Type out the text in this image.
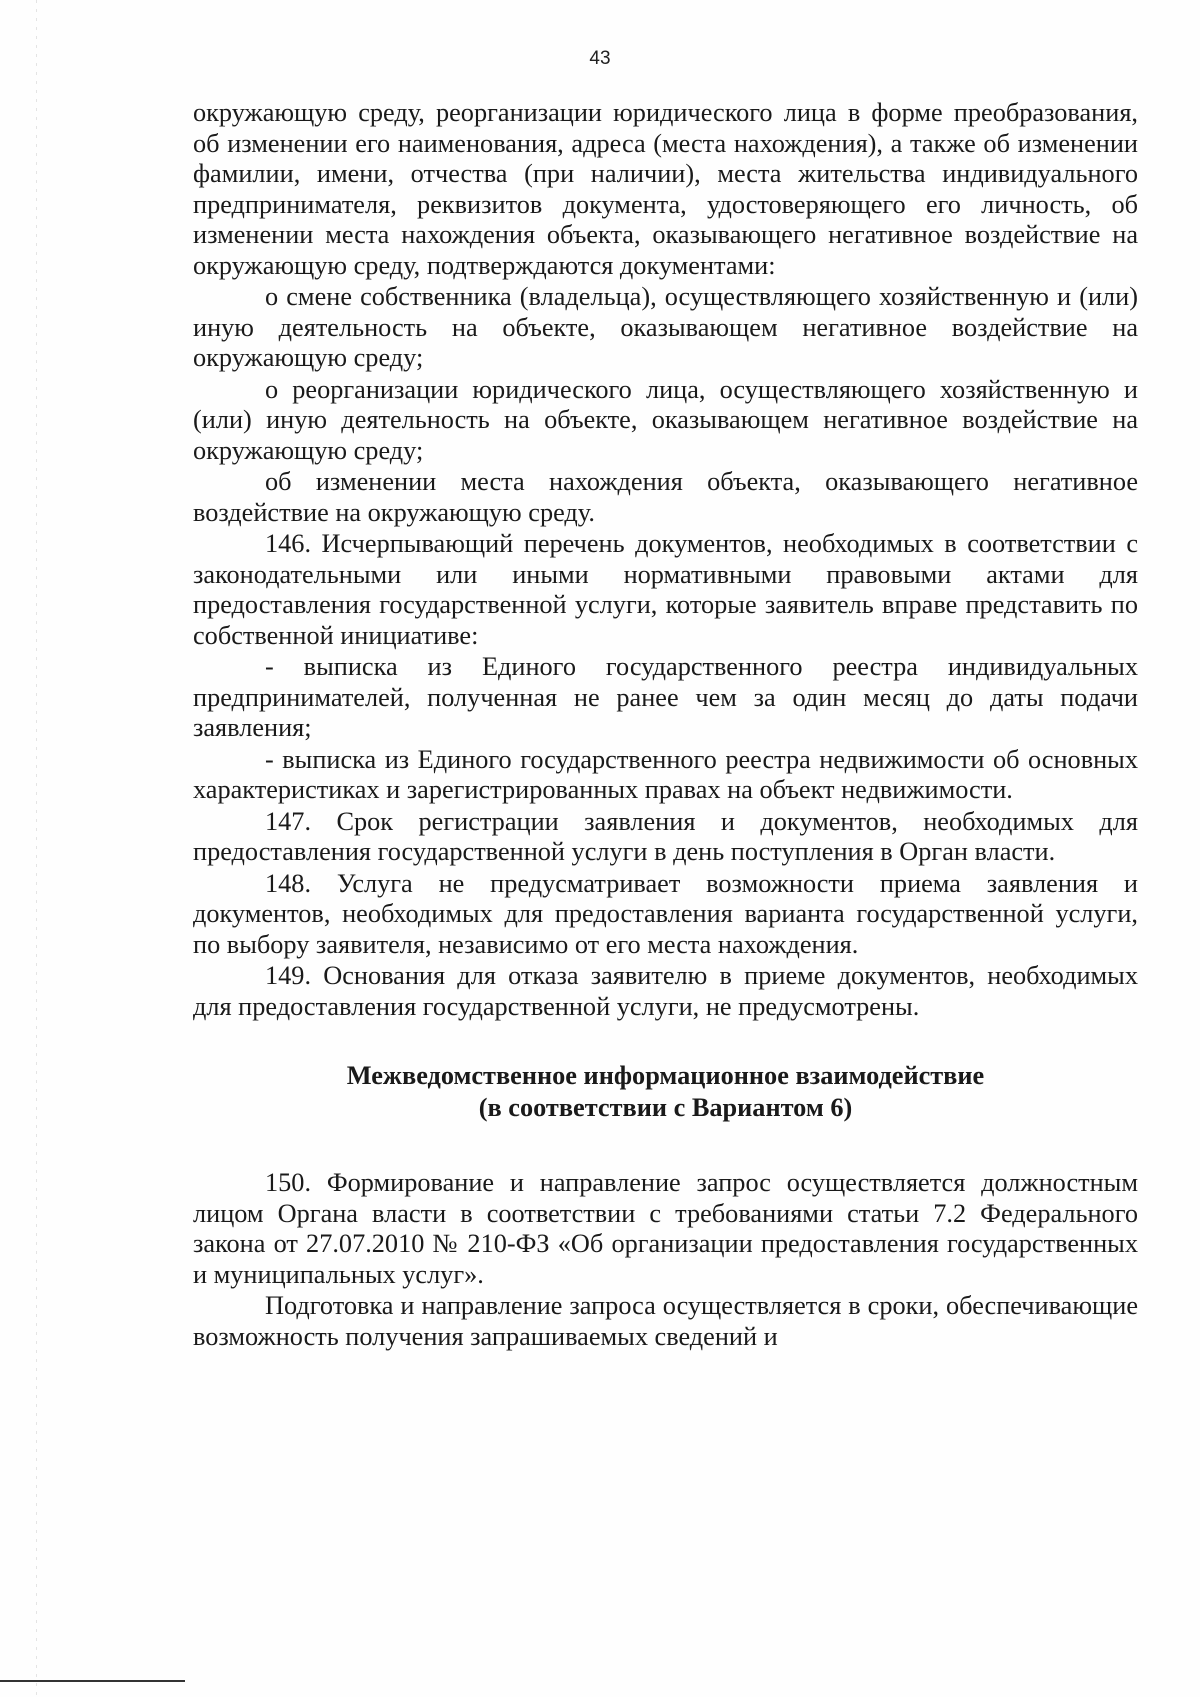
43

окружающую среду, реорганизации юридического лица в форме преобразования, об изменении его наименования, адреса (места нахождения), а также об изменении фамилии, имени, отчества (при наличии), места жительства индивидуального предпринимателя, реквизитов документа, удостоверяющего его личность, об изменении места нахождения объекта, оказывающего негативное воздействие на окружающую среду, подтверждаются документами:

о смене собственника (владельца), осуществляющего хозяйственную и (или) иную деятельность на объекте, оказывающем негативное воздействие на окружающую среду;

о реорганизации юридического лица, осуществляющего хозяйственную и (или) иную деятельность на объекте, оказывающем негативное воздействие на окружающую среду;

об изменении места нахождения объекта, оказывающего негативное воздействие на окружающую среду.

146. Исчерпывающий перечень документов, необходимых в соответствии с законодательными или иными нормативными правовыми актами для предоставления государственной услуги, которые заявитель вправе представить по собственной инициативе:

- выписка из Единого государственного реестра индивидуальных предпринимателей, полученная не ранее чем за один месяц до даты подачи заявления;

- выписка из Единого государственного реестра недвижимости об основных характеристиках и зарегистрированных правах на объект недвижимости.

147. Срок регистрации заявления и документов, необходимых для предоставления государственной услуги в день поступления в Орган власти.

148. Услуга не предусматривает возможности приема заявления и документов, необходимых для предоставления варианта государственной услуги, по выбору заявителя, независимо от его места нахождения.

149. Основания для отказа заявителю в приеме документов, необходимых для предоставления государственной услуги, не предусмотрены.

Межведомственное информационное взаимодействие
(в соответствии с Вариантом 6)

150. Формирование и направление запрос осуществляется должностным лицом Органа власти в соответствии с требованиями статьи 7.2 Федерального закона от 27.07.2010 № 210-ФЗ «Об организации предоставления государственных и муниципальных услуг».

Подготовка и направление запроса осуществляется в сроки, обеспечивающие возможность получения запрашиваемых сведений и
